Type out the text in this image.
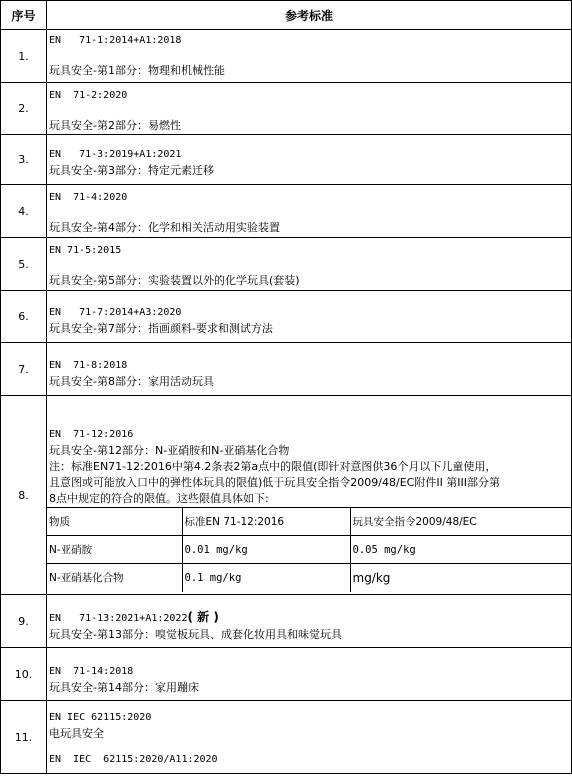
序号	参考标准
1.	
EN   71-1:2014+A1:2018
玩具安全-第1部分：物理和机械性能

2.	
EN  71-2:2020
玩具安全-第2部分：易燃性

3.	EN   71-3:2019+A1:2021
玩具安全-第3部分：特定元素迁移

4.	
EN  71-4:2020
玩具安全-第4部分：化学和相关活动用实验装置

5.	
EN 71-5:2015
玩具安全-第5部分：实验装置以外的化学玩具(套装)

6.	EN   71-7:2014+A3:2020
玩具安全-第7部分：指画颜料-要求和测试方法

7.	EN  71-8:2018
玩具安全-第8部分：家用活动玩具

8.	
EN  71-12:2016
玩具安全-第12部分：N-亚硝胺和N-亚硝基化合物
注：标准EN71-12:2016中第4.2条表2第a点中的限值(即针对意图供36个月以下儿童使用，
且意图或可能放入口中的弹性体玩具的限值)低于玩具安全指令2009/48/EC附件II 第III部分第
8点中规定的符合的限值。这些限值具体如下:
物质	标准EN 71-12:2016	玩具安全指令2009/48/EC
N-亚硝胺	0.01 mg/kg	0.05 mg/kg
N-亚硝基化合物	0.1 mg/kg	mg/kg

9.	EN   71-13:2021+A1:2022( 新 )
玩具安全-第13部分：嗅觉板玩具、成套化妆用具和味觉玩具

10.	EN  71-14:2018
玩具安全-第14部分：家用蹦床

11.	
EN IEC 62115:2020
电玩具安全
EN  IEC  62115:2020/A11:2020
